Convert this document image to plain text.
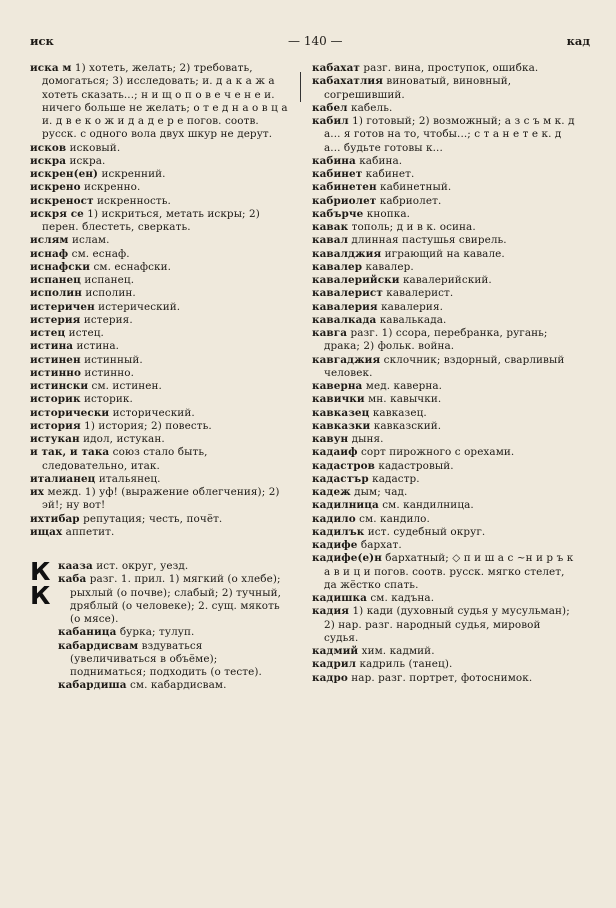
иск	— 140 —	кад

иска м 1) хотеть, желать; 2) требовать, домогаться; 3) исследовать; и. д а к а ж а хотеть сказать...; н и щ о п о в е ч е н е и. ничего больше не желать; о т е д н а о в ц а и. д в е к о ж и д а д е р е погов. соотв. русск. с одного вола двух шкур не дерут.

исков исковый.

искра искра.

искрен(ен) искренний.

искрено искренно.

искреност искренность.

искря се 1) искриться, метать искры; 2) перен. блестеть, сверкать.

ислям ислам.

иснаф см. еснаф.

иснафски см. еснафски.

испанец испанец.

исполин исполин.

истеричен истерический.

истерия истерия.

истец истец.

истина истина.

истинен истинный.

истинно истинно.

истински см. истинен.

историк историк.

исторически исторический.

история 1) история; 2) повесть.

истукан идол, истукан.

и так, и така союз стало быть, следовательно, итак.

италианец итальянец.

их межд. 1) уф! (выражение облегчения); 2) эй!; ну вот!

ихтибар репутация; честь, почёт.

ищах аппетит.

К
К

кааза ист. округ, уезд.

каба разг. 1. прил. 1) мягкий (о хлебе); рыхлый (о почве); слабый; 2) тучный, дряблый (о человеке); 2. сущ. мякоть (о мясе).

кабаница бурка; тулуп.

кабардисвам вздуваться (увеличиваться в объёме); подниматься; подходить (о тесте).

кабардиша см. кабардисвам.

кабахат разг. вина, проступок, ошибка.

кабахатлия виноватый, виновный, согрешивший.

кабел кабель.

кабил 1) готовый; 2) возможный; а з с ъ м к. д а... я готов на то, чтобы...; с т а н е т е к. д а... будьте готовы к...

кабина кабина.

кабинет кабинет.

кабинетен кабинетный.

кабриолет кабриолет.

кабърче кнопка.

кавак тополь; д и в к. осина.

кавал длинная пастушья свирель.

кавалджия играющий на кавале.

кавалер кавалер.

кавалерийски кавалерийский.

кавалерист кавалерист.

кавалерия кавалерия.

кавалкада кавалькада.

кавга разг. 1) ссора, перебранка, ругань; драка; 2) фольк. война.

кавгаджия склочник; вздорный, сварливый человек.

каверна мед. каверна.

кавички мн. кавычки.

кавказец кавказец.

кавказки кавказский.

кавун дыня.

кадаиф сорт пирожного с орехами.

кадастров кадастровый.

кадастър кадастр.

кадеж дым; чад.

кадилница см. кандилница.

кадило см. кандило.

кадилък ист. судебный округ.

кадифе бархат.

кадифе(е)н бархатный; ◇ п и ш а с ~н и р ъ к а в и ц и погов. соотв. русск. мягко стелет, да жёстко спать.

кадишка см. кадъна.

кадия 1) кади (духовный судья у мусульман); 2) нар. разг. народный судья, мировой судья.

кадмий хим. кадмий.

кадрил кадриль (танец).

кадро нар. разг. портрет, фотоснимок.
